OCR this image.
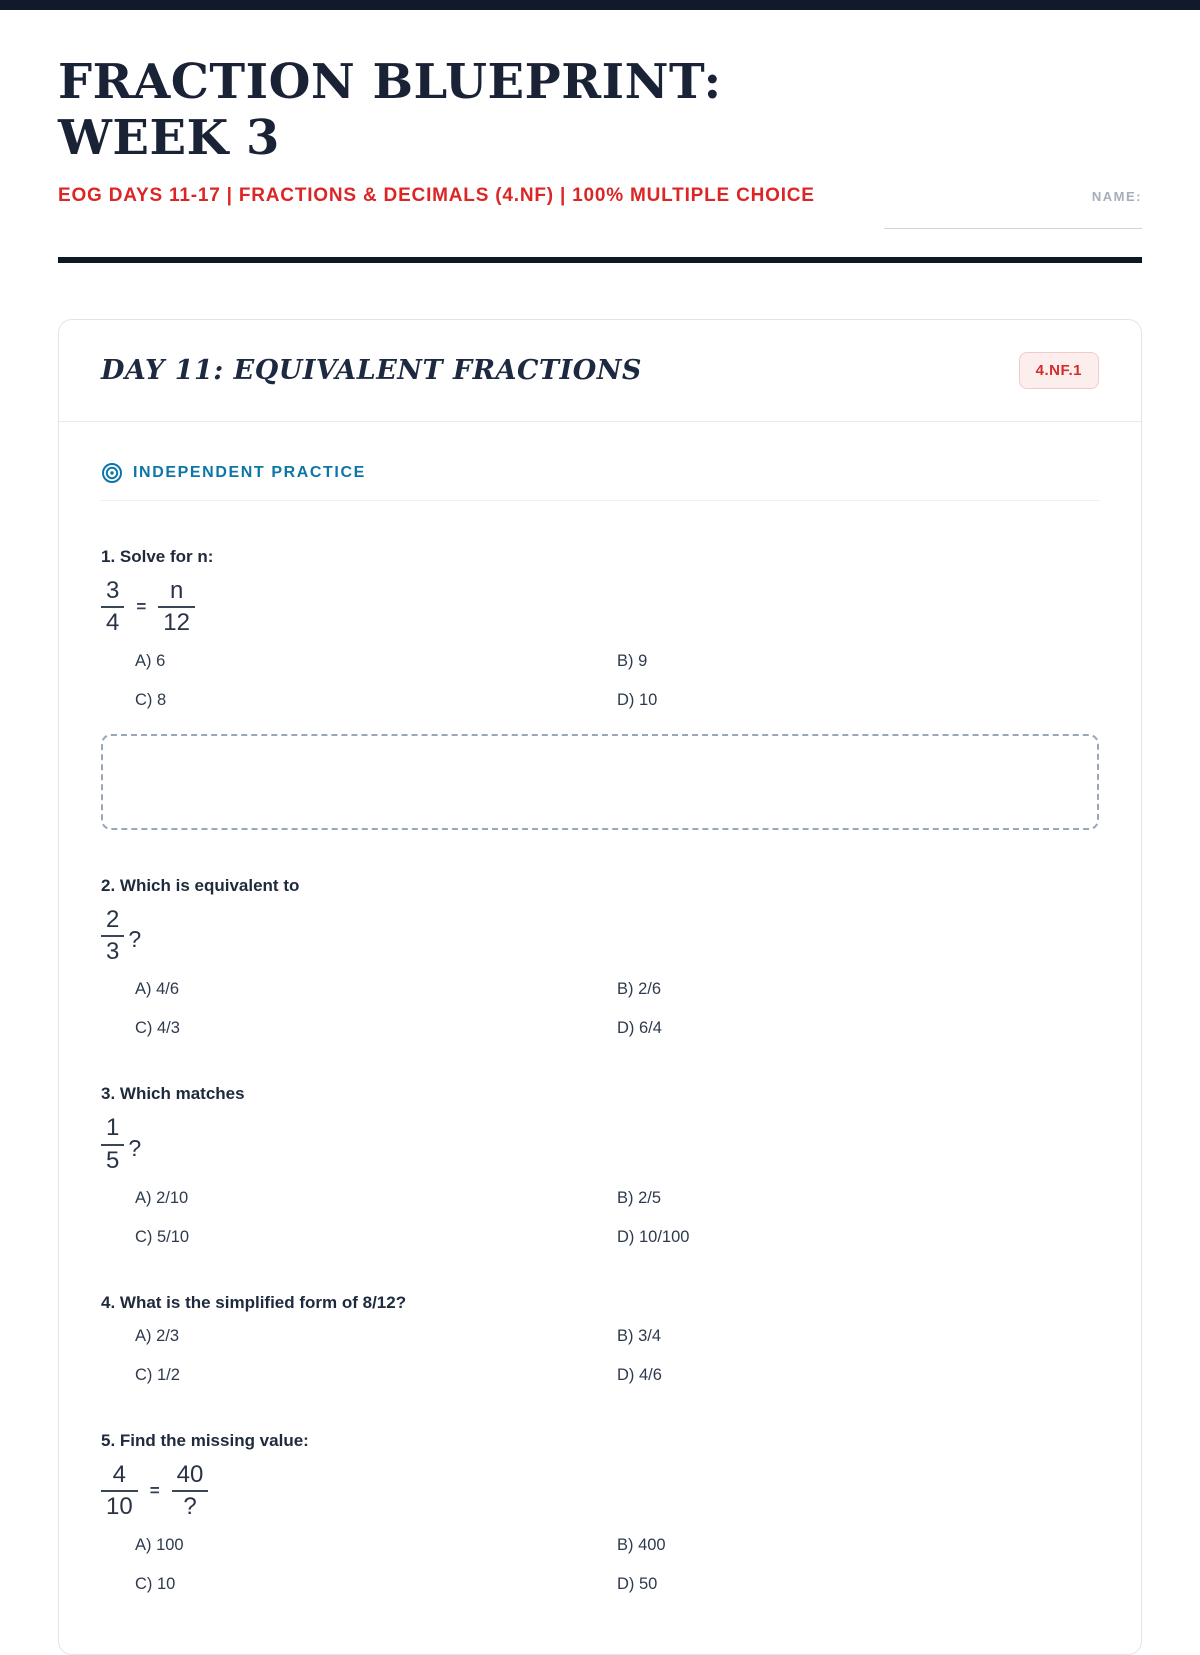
FRACTION BLUEPRINT:
WEEK 3

EOG DAYS 11-17 | FRACTIONS & DECIMALS (4.NF) | 100% MULTIPLE CHOICE	NAME:
DAY 11: EQUIVALENT FRACTIONS	4.NF.1
INDEPENDENT PRACTICE

1. Solve for n:

$\frac{3}{4} = \frac{n}{12}$
A) 6	B) 9
C) 8	D) 10

2. Which is equivalent to

$\frac{2}{3}$ ?
A) 4/6	B) 2/6
C) 4/3	D) 6/4

3. Which matches

$\frac{1}{5}$ ?
A) 2/10	B) 2/5
C) 5/10	D) 10/100

4. What is the simplified form of 8/12?

A) 2/3	B) 3/4
C) 1/2	D) 4/6

5. Find the missing value:

$\frac{4}{10} = \frac{40}{?}$
A) 100	B) 400
C) 10	D) 50
